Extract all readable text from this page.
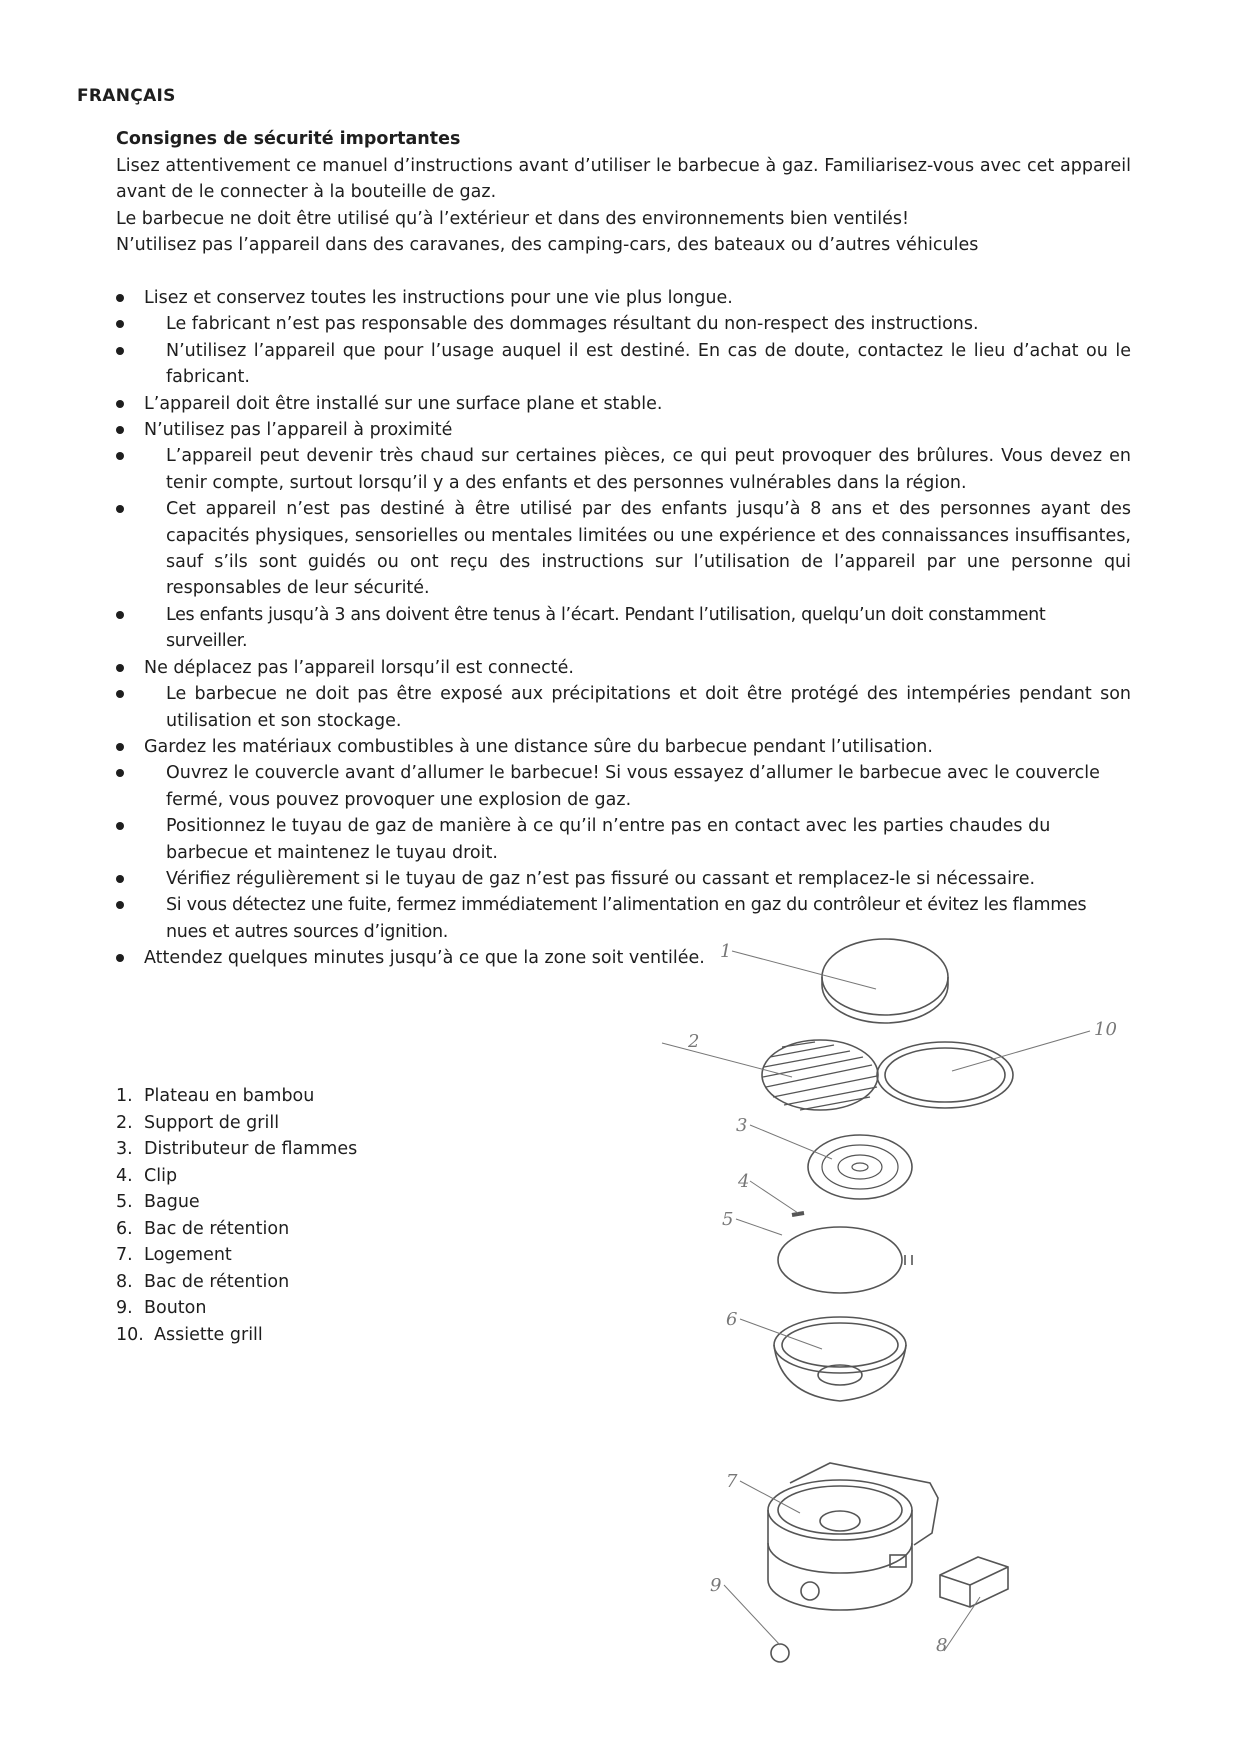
FRANÇAIS

Consignes de sécurité importantes

Lisez attentivement ce manuel d’instructions avant d’utiliser le barbecue à gaz. Familiarisez-vous avec cet appareil avant de le connecter à la bouteille de gaz.

Le barbecue ne doit être utilisé qu’à l’extérieur et dans des environnements bien ventilés!

N’utilisez pas l’appareil dans des caravanes, des camping-cars, des bateaux ou d’autres véhicules

Lisez et conservez toutes les instructions pour une vie plus longue.
Le fabricant n’est pas responsable des dommages résultant du non-respect des instructions.
N’utilisez l’appareil que pour l’usage auquel il est destiné. En cas de doute, contactez le lieu d’achat ou le fabricant.
L’appareil doit être installé sur une surface plane et stable.
N’utilisez pas l’appareil à proximité
L’appareil peut devenir très chaud sur certaines pièces, ce qui peut provoquer des brûlures. Vous devez en tenir compte, surtout lorsqu’il y a des enfants et des personnes vulnérables dans la région.
Cet appareil n’est pas destiné à être utilisé par des enfants jusqu’à 8 ans et des personnes ayant des capacités physiques, sensorielles ou mentales limitées ou une expérience et des connaissances insuffisantes, sauf s’ils sont guidés ou ont reçu des instructions sur l’utilisation de l’appareil par une personne qui responsables de leur sécurité.
Les enfants jusqu’à 3 ans doivent être tenus à l’écart. Pendant l’utilisation, quelqu’un doit constamment surveiller.
Ne déplacez pas l’appareil lorsqu’il est connecté.
Le barbecue ne doit pas être exposé aux précipitations et doit être protégé des intempéries pendant son utilisation et son stockage.
Gardez les matériaux combustibles à une distance sûre du barbecue pendant l’utilisation.
Ouvrez le couvercle avant d’allumer le barbecue! Si vous essayez d’allumer le barbecue avec le couvercle fermé, vous pouvez provoquer une explosion de gaz.
Positionnez le tuyau de gaz de manière à ce qu’il n’entre pas en contact avec les parties chaudes du barbecue et maintenez le tuyau droit.
Vérifiez régulièrement si le tuyau de gaz n’est pas fissuré ou cassant et remplacez-le si nécessaire.
Si vous détectez une fuite, fermez immédiatement l’alimentation en gaz du contrôleur et évitez les flammes nues et autres sources d’ignition.
Attendez quelques minutes jusqu’à ce que la zone soit ventilée.
1. Plateau en bambou
2. Support de grill
3. Distributeur de flammes
4. Clip
5. Bague
6. Bac de rétention
7. Logement
8. Bac de rétention
9. Bouton
10. Assiette grill
1
2
10
3
4
5
6
7
9
8
